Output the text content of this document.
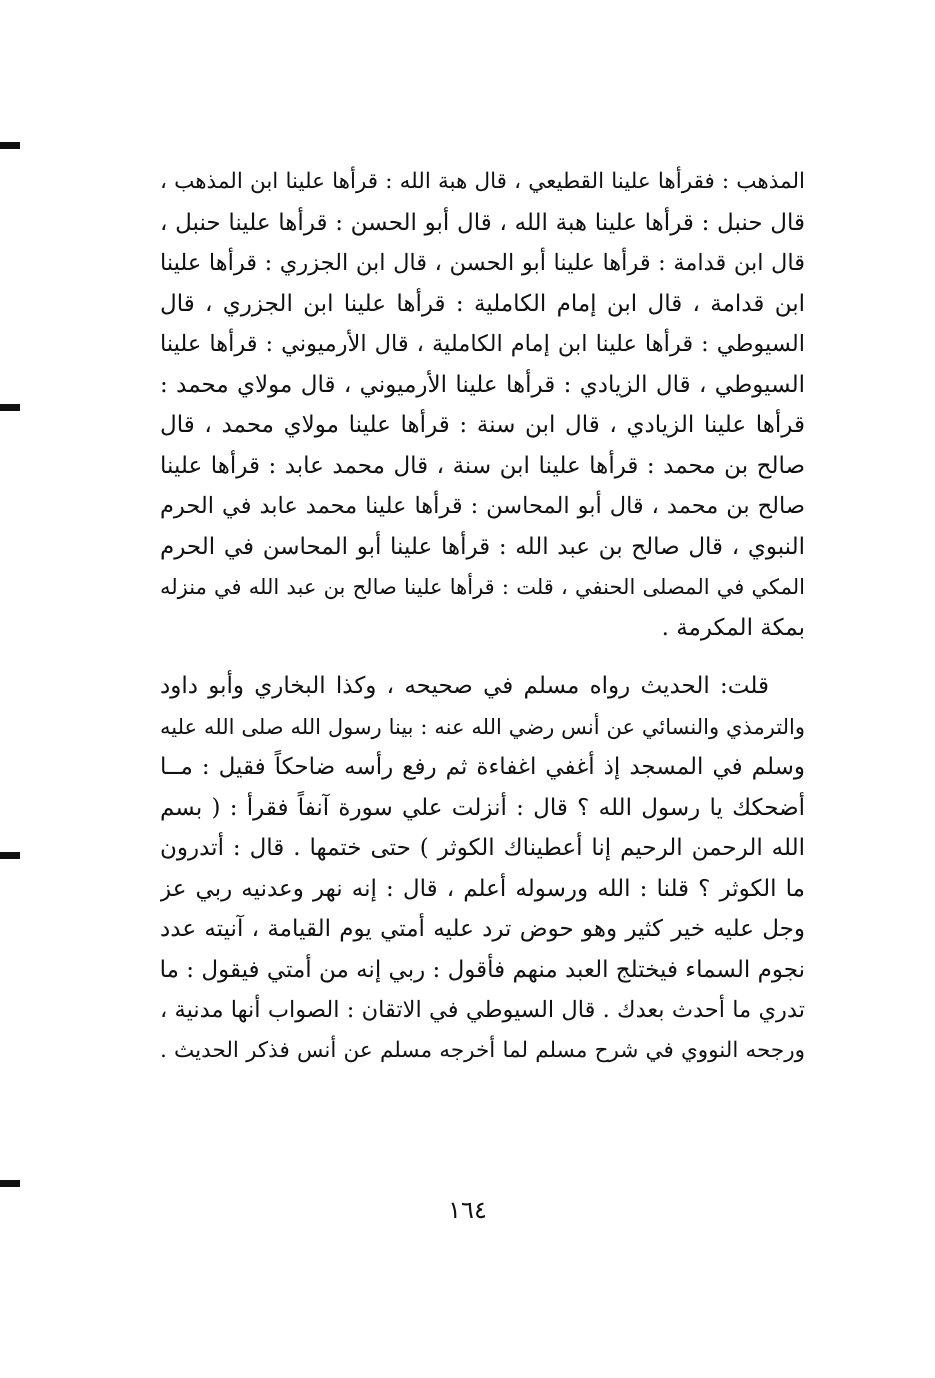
المذهب : فقرأها علينا القطيعي ، قال هبة الله : قرأها علينا ابن المذهب ،
قال حنبل : قرأها علينا هبة الله ، قال أبو الحسن : قرأها علينا حنبل ،
قال ابن قدامة : قرأها علينا أبو الحسن ، قال ابن الجزري : قرأها علينا
ابن قدامة ، قال ابن إمام الكاملية : قرأها علينا ابن الجزري ، قال
السيوطي : قرأها علينا ابن إمام الكاملية ، قال الأرميوني : قرأها علينا
السيوطي ، قال الزيادي : قرأها علينا الأرميوني ، قال مولاي محمد :
قرأها علينا الزيادي ، قال ابن سنة : قرأها علينا مولاي محمد ، قال
صالح بن محمد : قرأها علينا ابن سنة ، قال محمد عابد : قرأها علينا
صالح بن محمد ، قال أبو المحاسن : قرأها علينا محمد عابد في الحرم
النبوي ، قال صالح بن عبد الله : قرأها علينا أبو المحاسن في الحرم
المكي في المصلى الحنفي ، قلت : قرأها علينا صالح بن عبد الله في منزله
بمكة المكرمة .
قلت: الحديث رواه مسلم في صحيحه ، وكذا البخاري وأبو داود
والترمذي والنسائي عن أنس رضي الله عنه : بينا رسول الله صلى الله عليه
وسلم في المسجد إذ أغفي اغفاءة ثم رفع رأسه ضاحكاً فقيل : مــا
أضحكك يا رسول الله ؟ قال : أنزلت علي سورة آنفاً فقرأ : ( بسم
الله الرحمن الرحيم إنا أعطيناك الكوثر ) حتى ختمها . قال : أتدرون
ما الكوثر ؟ قلنا : الله ورسوله أعلم ، قال : إنه نهر وعدنيه ربي عز
وجل عليه خير كثير وهو حوض ترد عليه أمتي يوم القيامة ، آنيته عدد
نجوم السماء فيختلج العبد منهم فأقول : ربي إنه من أمتي فيقول : ما
تدري ما أحدث بعدك . قال السيوطي في الاتقان : الصواب أنها مدنية ،
ورجحه النووي في شرح مسلم لما أخرجه مسلم عن أنس فذكر الحديث .
١٦٤
